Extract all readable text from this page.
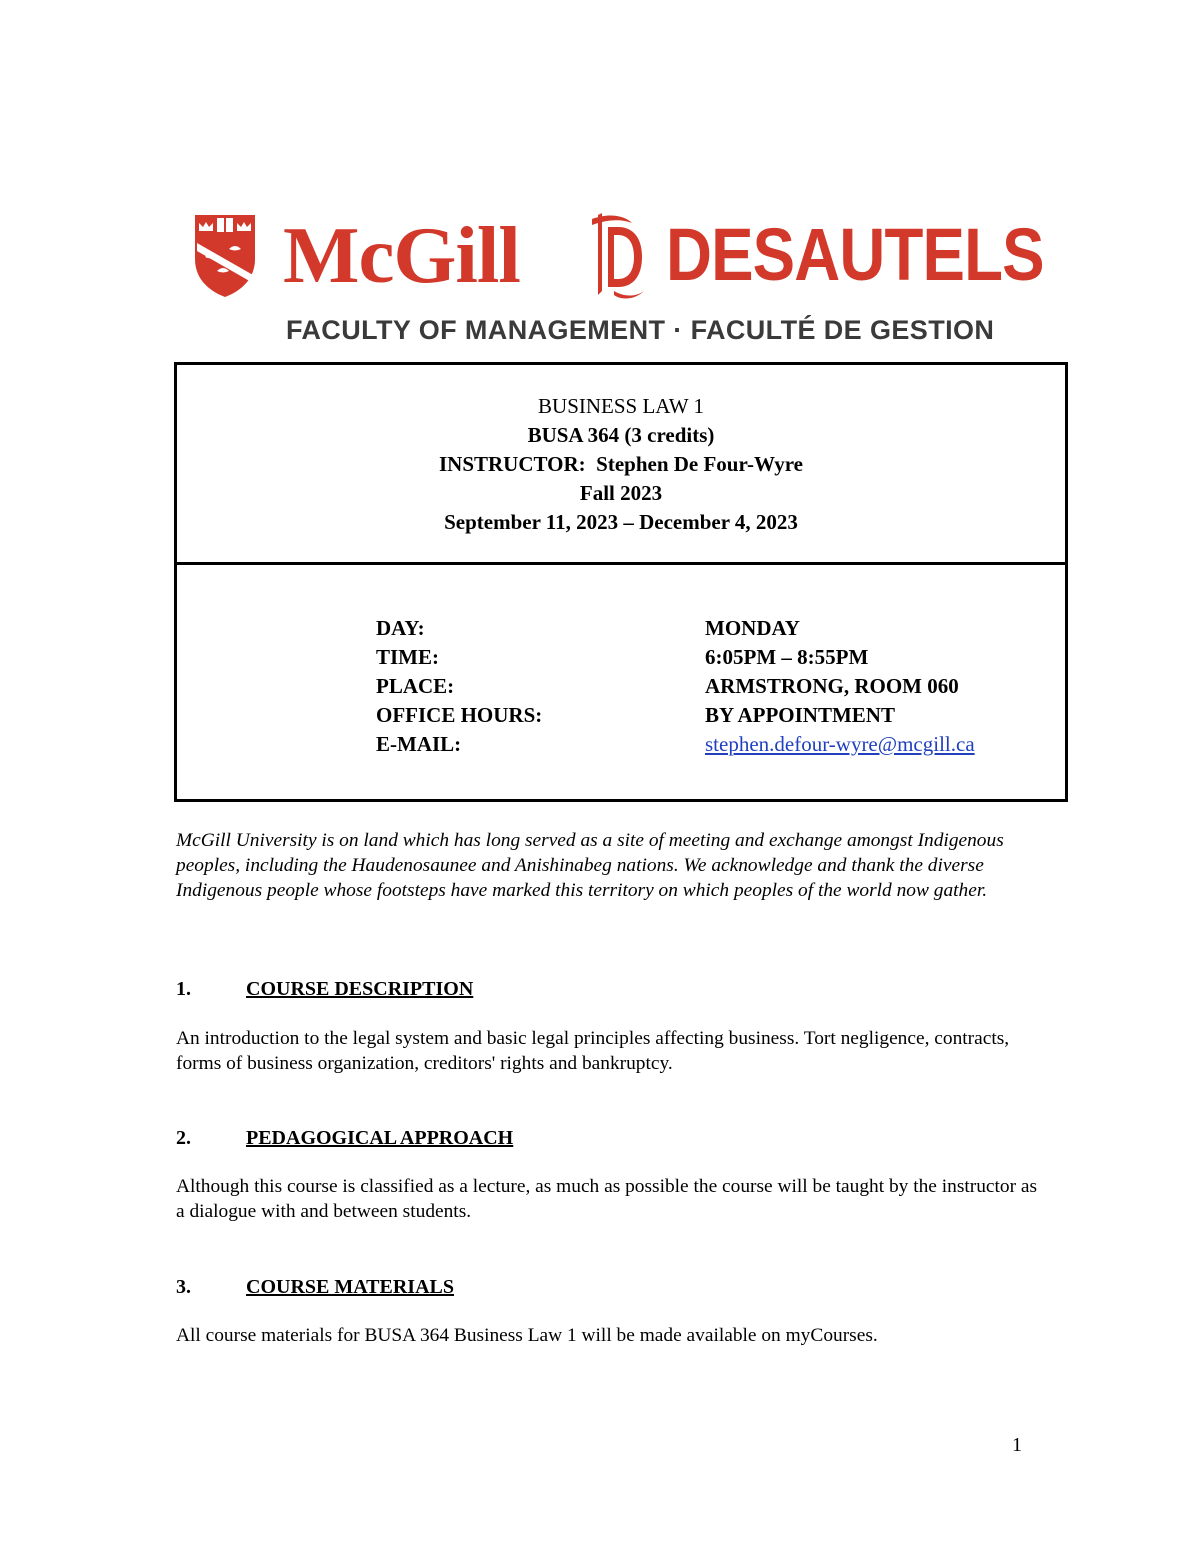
McGill DESAUTELS
FACULTY OF MANAGEMENT · FACULTÉ DE GESTION
BUSINESS LAW 1
BUSA 364 (3 credits)
INSTRUCTOR: Stephen De Four-Wyre
Fall 2023
September 11, 2023 – December 4, 2023
DAY:	MONDAY
TIME:	6:05PM – 8:55PM
PLACE:	ARMSTRONG, ROOM 060
OFFICE HOURS:	BY APPOINTMENT
E-MAIL:	stephen.defour-wyre@mcgill.ca

McGill University is on land which has long served as a site of meeting and exchange amongst Indigenous peoples, including the Haudenosaunee and Anishinabeg nations. We acknowledge and thank the diverse Indigenous people whose footsteps have marked this territory on which peoples of the world now gather.

1.	COURSE DESCRIPTION

An introduction to the legal system and basic legal principles affecting business. Tort negligence, contracts, forms of business organization, creditors' rights and bankruptcy.

2.	PEDAGOGICAL APPROACH

Although this course is classified as a lecture, as much as possible the course will be taught by the instructor as a dialogue with and between students.

3.	COURSE MATERIALS

All course materials for BUSA 364 Business Law 1 will be made available on myCourses.

1
